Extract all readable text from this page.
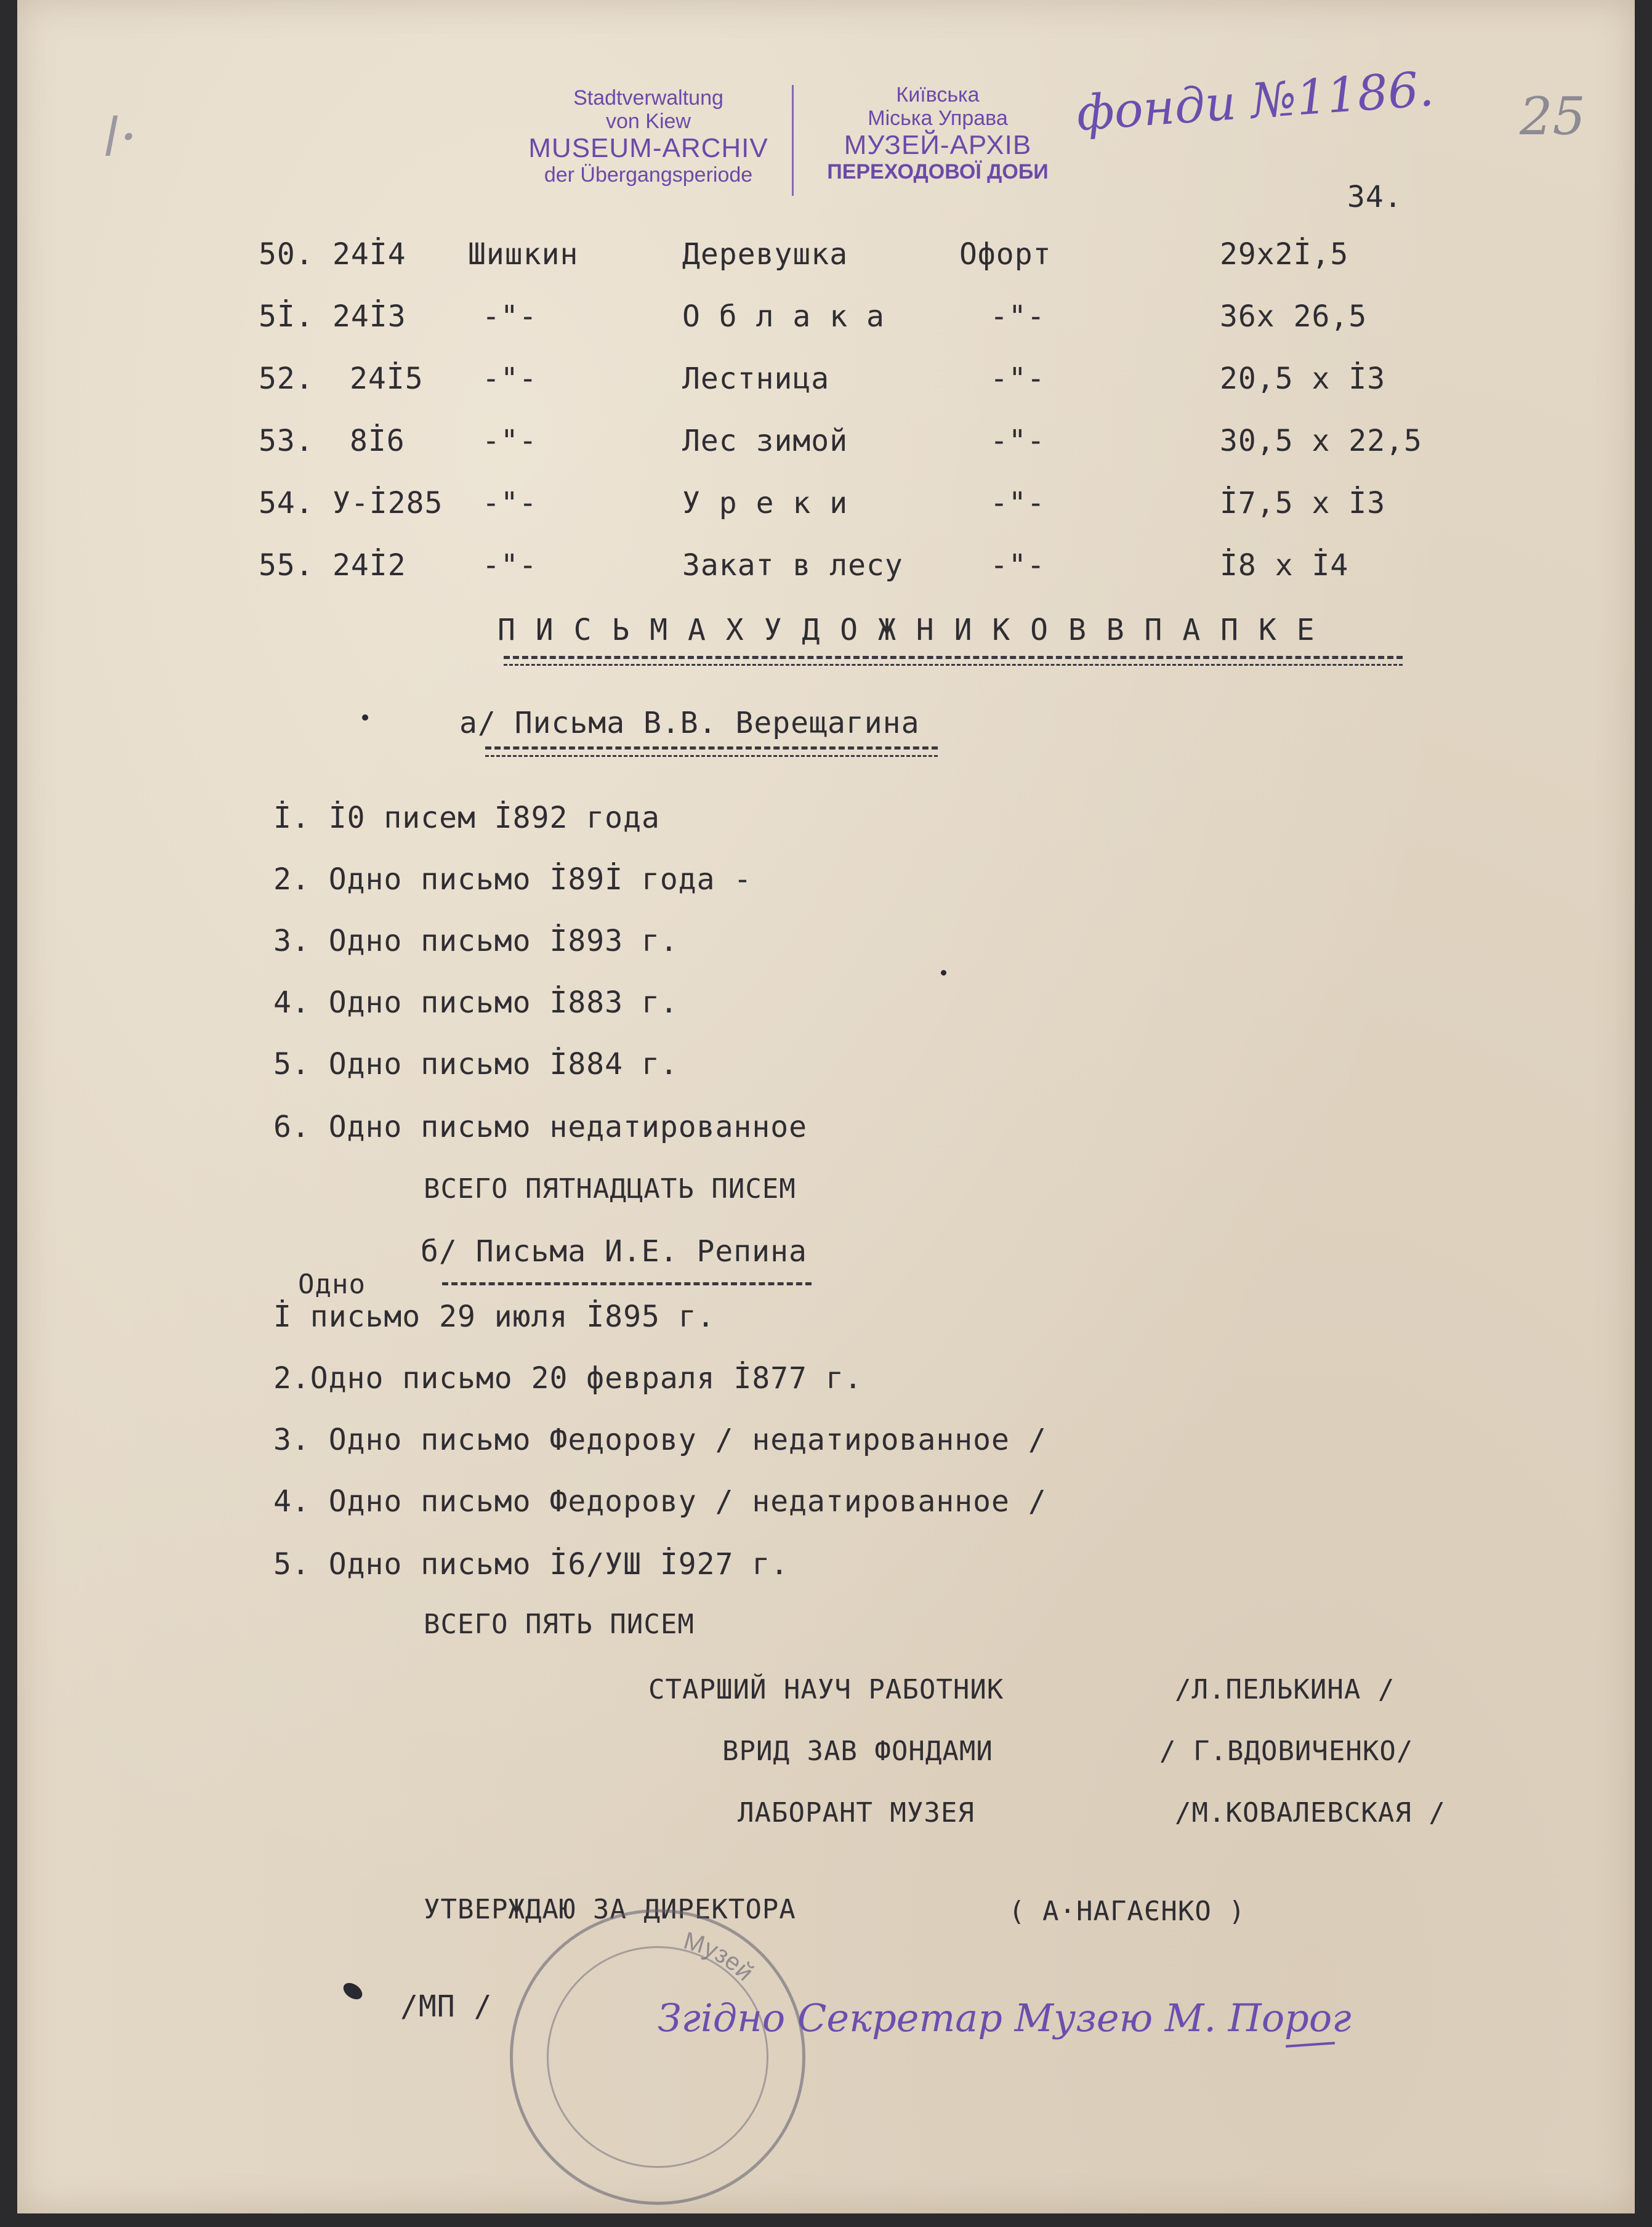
Stadtverwaltung
von Kiew
MUSEUM-ARCHIV
der Übergangsperiode
Київська
Міська Управа
МУЗЕЙ-АРХІВ
ПЕРЕХОДОВОЇ ДОБИ
фонди №1186. 25
ǀ·
34.
50. 24İ4 Шишкин	Деревушка	Офорт	29x2İ,5
5İ. 24İ3	-"-	О б л а к а	-"-	36x 26,5
52. 24İ5 -"-	Лестница	-"-	20,5 x İ3
53. 8İ6	-"-	Лес зимой	-"-	30,5 x 22,5
54. У-İ285 -"-	У р е к и	-"-	İ7,5 x İ3
55. 24İ2	-"-	Закат в лесу	-"-	İ8 x İ4
П И С Ь М А Х У Д О Ж Н И К О В В П А П К Е
а/ Письма В.В. Верещагина
İ. İ0 писем İ892 года
2. Одно письмо İ89İ года -
3. Одно письмо İ893 г.
4. Одно письмо İ883 г.
5. Одно письмо İ884 г.
6. Одно письмо недатированное
ВСЕГО ПЯТНАДЦАТЬ ПИСЕМ
б/ Письма И.Е. Репина
Одно
İ письмо 29 июля İ895 г.
2.Одно письмо 20 февраля İ877 г.
3. Одно письмо Федорову / недатированное /
4. Одно письмо Федорову / недатированное /
5. Одно письмо İ6/УШ İ927 г.
ВСЕГО ПЯТЬ ПИСЕМ
СТАРШИЙ НАУЧ РАБОТНИК	/Л.ПЕЛЬКИНА /
ВРИД ЗАВ ФОНДАМИ	/ Г.ВДОВИЧЕНКО/
ЛАБОРАНТ МУЗЕЯ	/М.КОВАЛЕВСКАЯ /
УТВЕРЖДАЮ ЗА ДИРЕКТОРА	( А·НАГАЄНКО )
/МП /
Музей
Згідно Секретар Музею М. Порог
